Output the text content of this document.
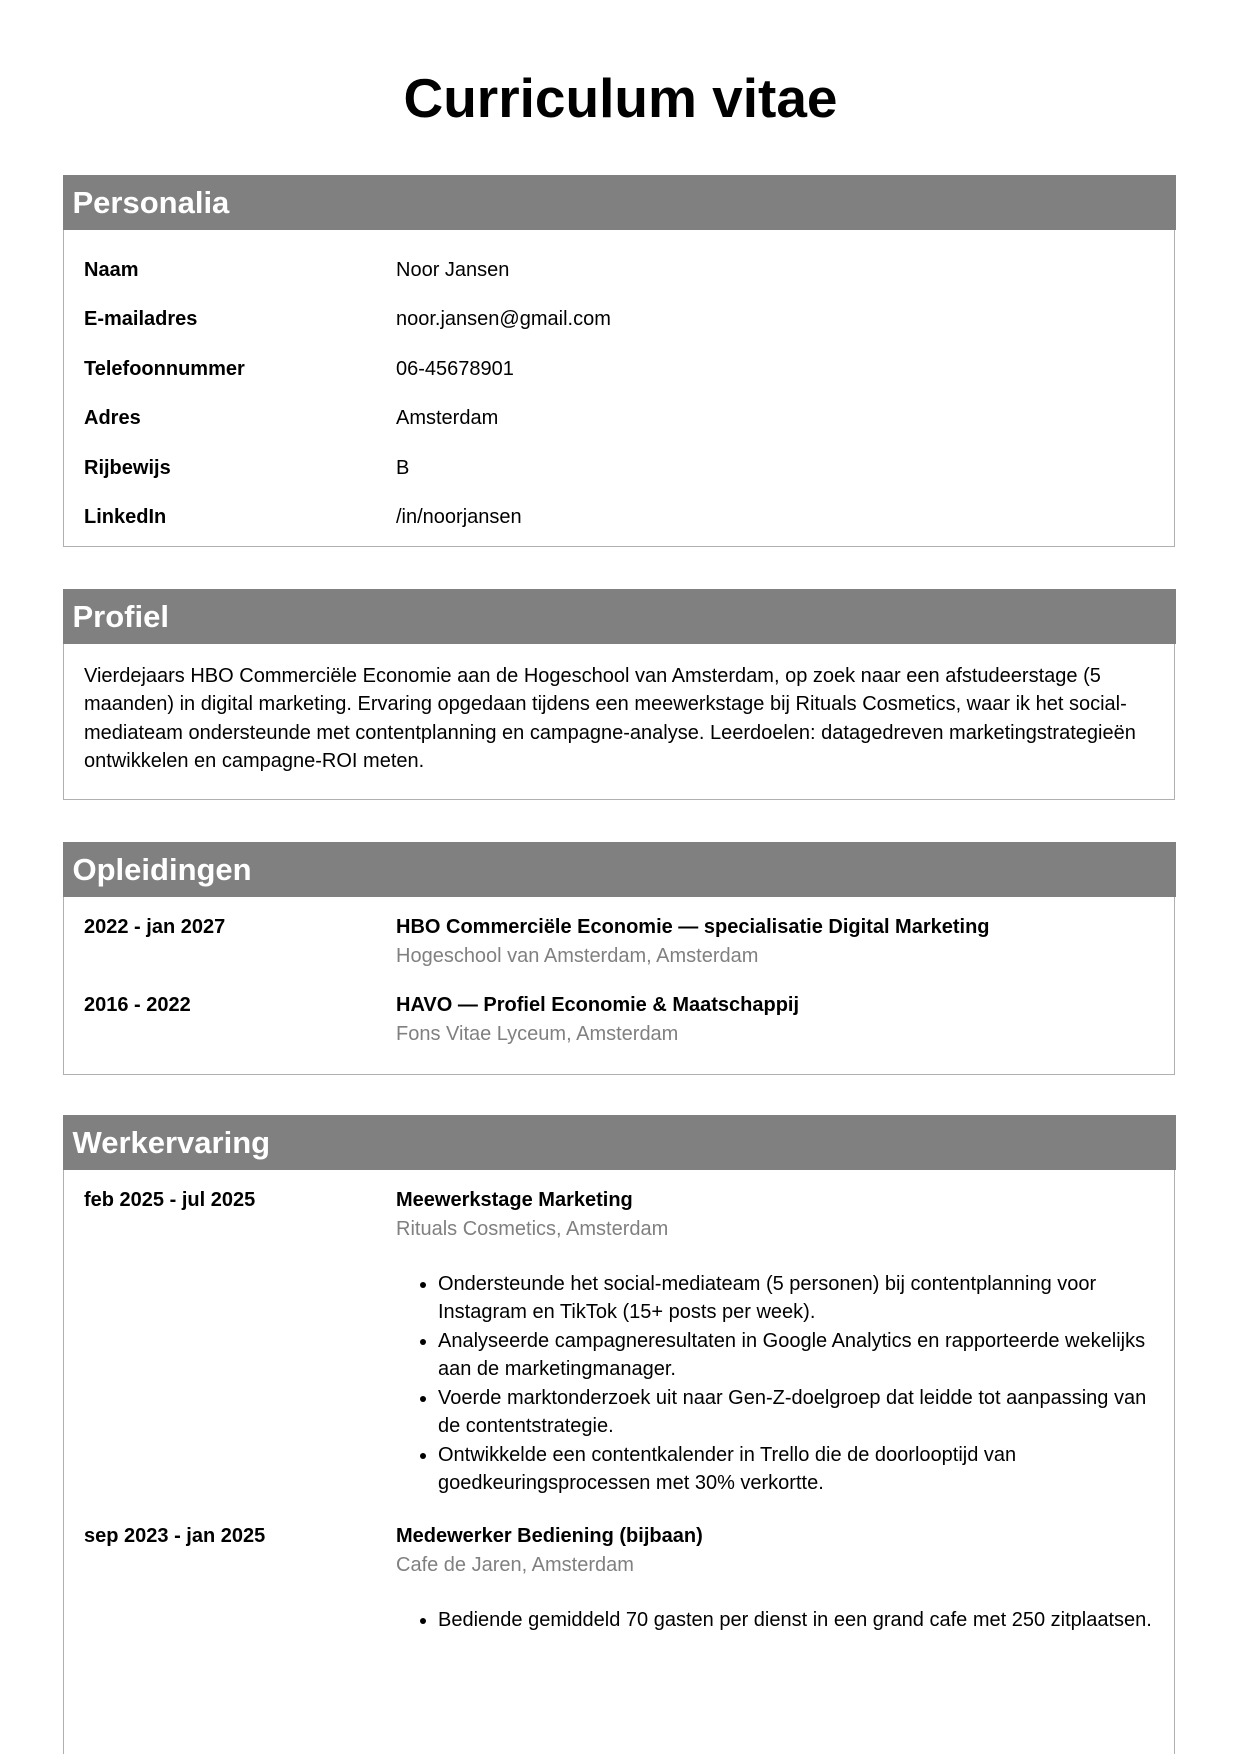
Curriculum vitae
Personalia
Naam	Noor Jansen
E-mailadres	noor.jansen@gmail.com
Telefoonnummer	06-45678901
Adres	Amsterdam
Rijbewijs	B
LinkedIn	/in/noorjansen
Profiel
Vierdejaars HBO Commerciële Economie aan de Hogeschool van Amsterdam, op zoek naar een afstudeerstage (5 maanden) in digital marketing. Ervaring opgedaan tijdens een meewerkstage bij Rituals Cosmetics, waar ik het social-mediateam ondersteunde met contentplanning en campagne-analyse. Leerdoelen: datagedreven marketingstrategieën ontwikkelen en campagne-ROI meten.
Opleidingen
2022 - jan 2027	HBO Commerciële Economie — specialisatie Digital Marketing
Hogeschool van Amsterdam, Amsterdam
2016 - 2022	HAVO — Profiel Economie & Maatschappij
Fons Vitae Lyceum, Amsterdam
Werkervaring
feb 2025 - jul 2025	Meewerkstage Marketing
Rituals Cosmetics, Amsterdam
• Ondersteunde het social-mediateam (5 personen) bij contentplanning voor Instagram en TikTok (15+ posts per week).
• Analyseerde campagneresultaten in Google Analytics en rapporteerde wekelijks aan de marketingmanager.
• Voerde marktonderzoek uit naar Gen-Z-doelgroep dat leidde tot aanpassing van de contentstrategie.
• Ontwikkelde een contentkalender in Trello die de doorlooptijd van goedkeuringsprocessen met 30% verkortte.
sep 2023 - jan 2025	Medewerker Bediening (bijbaan)
Cafe de Jaren, Amsterdam
• Bediende gemiddeld 70 gasten per dienst in een grand cafe met 250 zitplaatsen.
